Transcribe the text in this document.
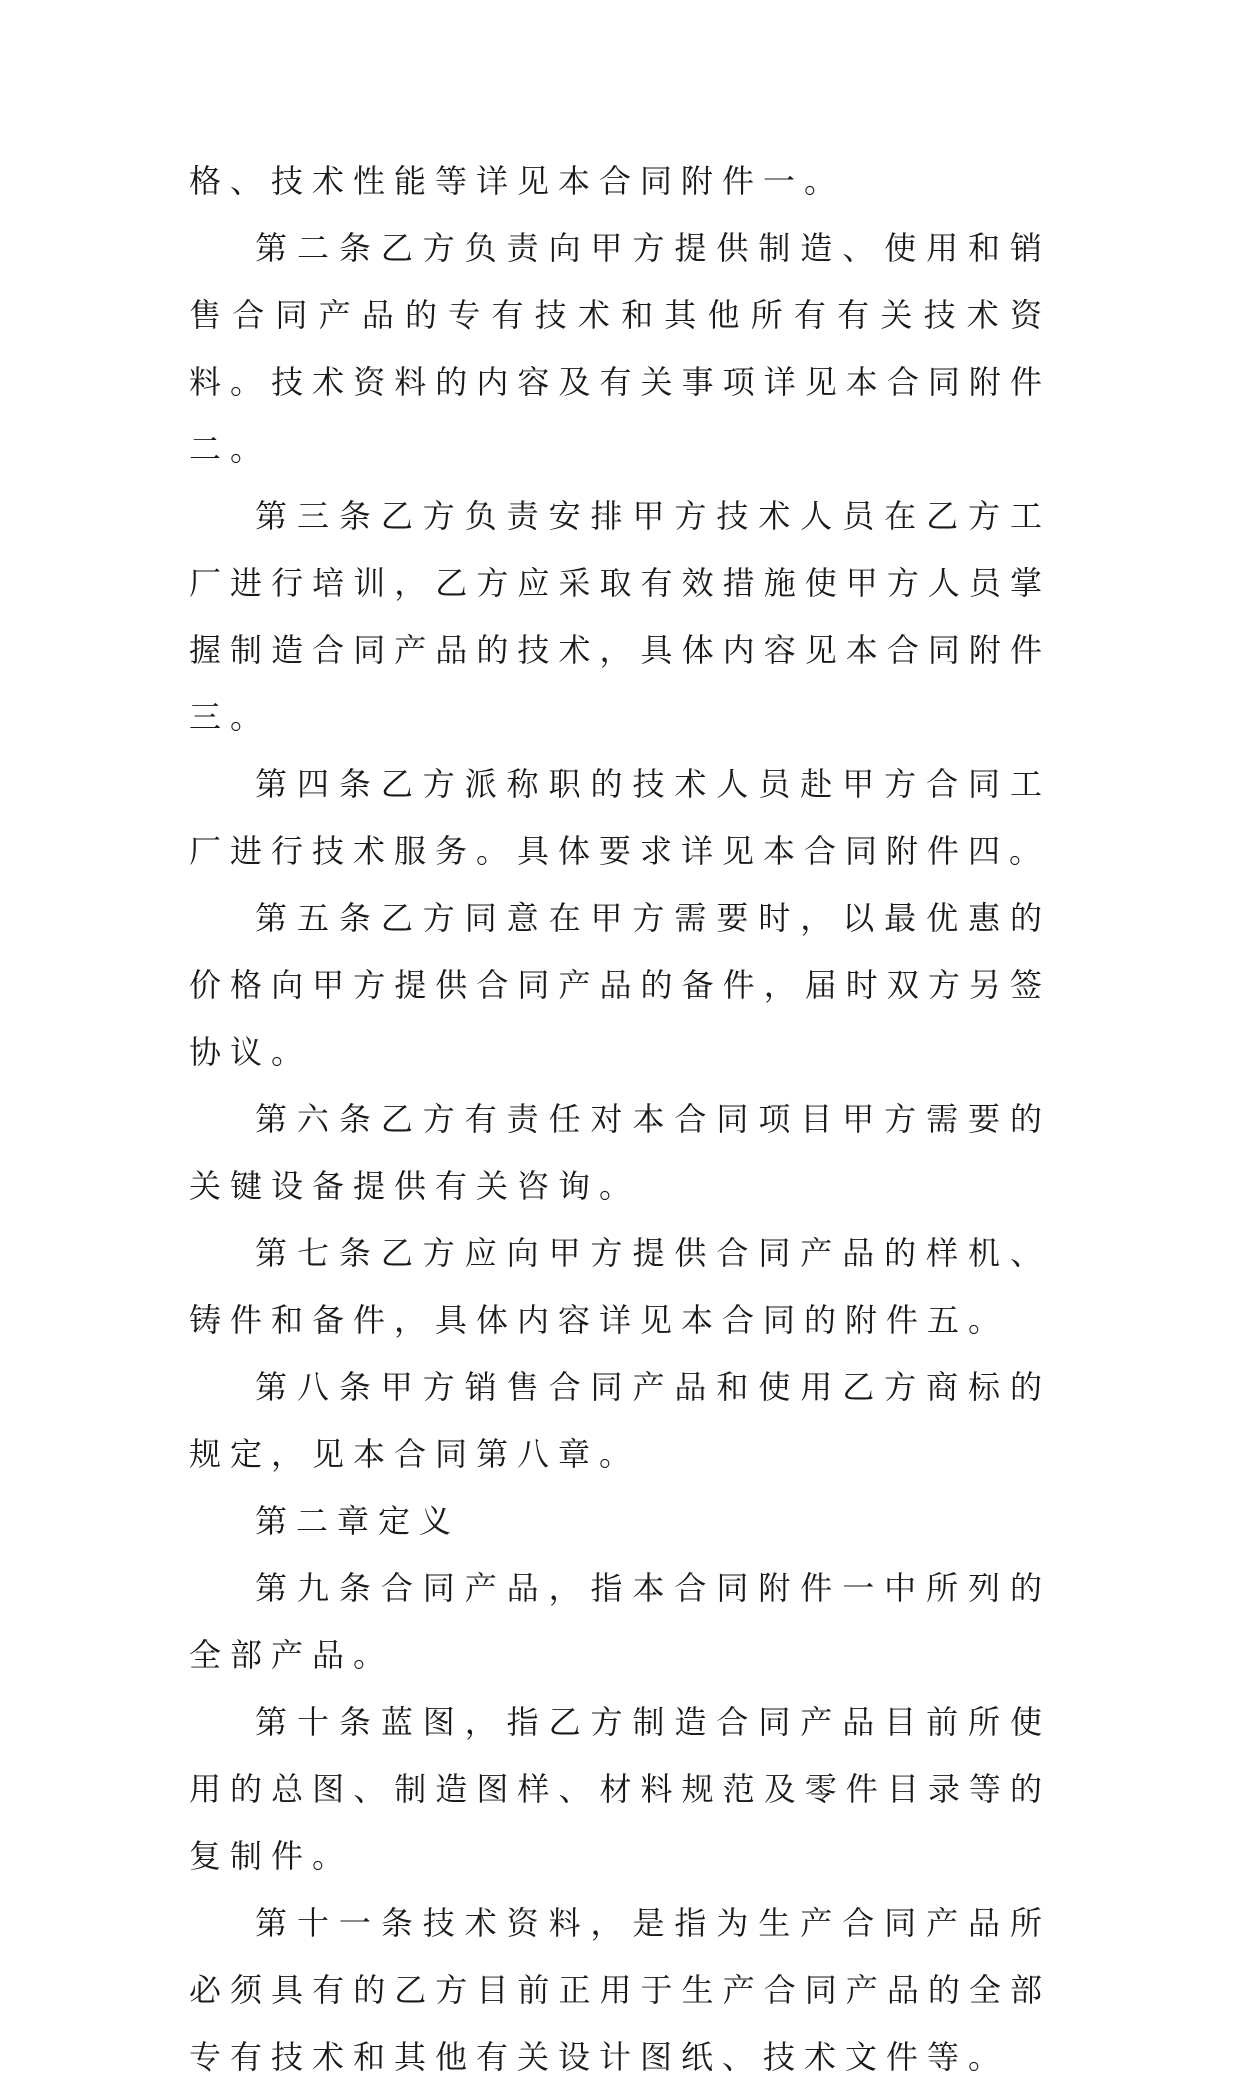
格、技术性能等详见本合同附件一。

第二条乙方负责向甲方提供制造、使用和销售合同产品的专有技术和其他所有有关技术资料。技术资料的内容及有关事项详见本合同附件二。

第三条乙方负责安排甲方技术人员在乙方工厂进行培训，乙方应采取有效措施使甲方人员掌握制造合同产品的技术，具体内容见本合同附件三。

第四条乙方派称职的技术人员赴甲方合同工厂进行技术服务。具体要求详见本合同附件四。

第五条乙方同意在甲方需要时，以最优惠的价格向甲方提供合同产品的备件，届时双方另签协议。

第六条乙方有责任对本合同项目甲方需要的关键设备提供有关咨询。

第七条乙方应向甲方提供合同产品的样机、铸件和备件，具体内容详见本合同的附件五。

第八条甲方销售合同产品和使用乙方商标的规定，见本合同第八章。

第二章定义

第九条合同产品，指本合同附件一中所列的全部产品。

第十条蓝图，指乙方制造合同产品目前所使用的总图、制造图样、材料规范及零件目录等的复制件。

第十一条技术资料，是指为生产合同产品所必须具有的乙方目前正用于生产合同产品的全部专有技术和其他有关设计图纸、技术文件等。
